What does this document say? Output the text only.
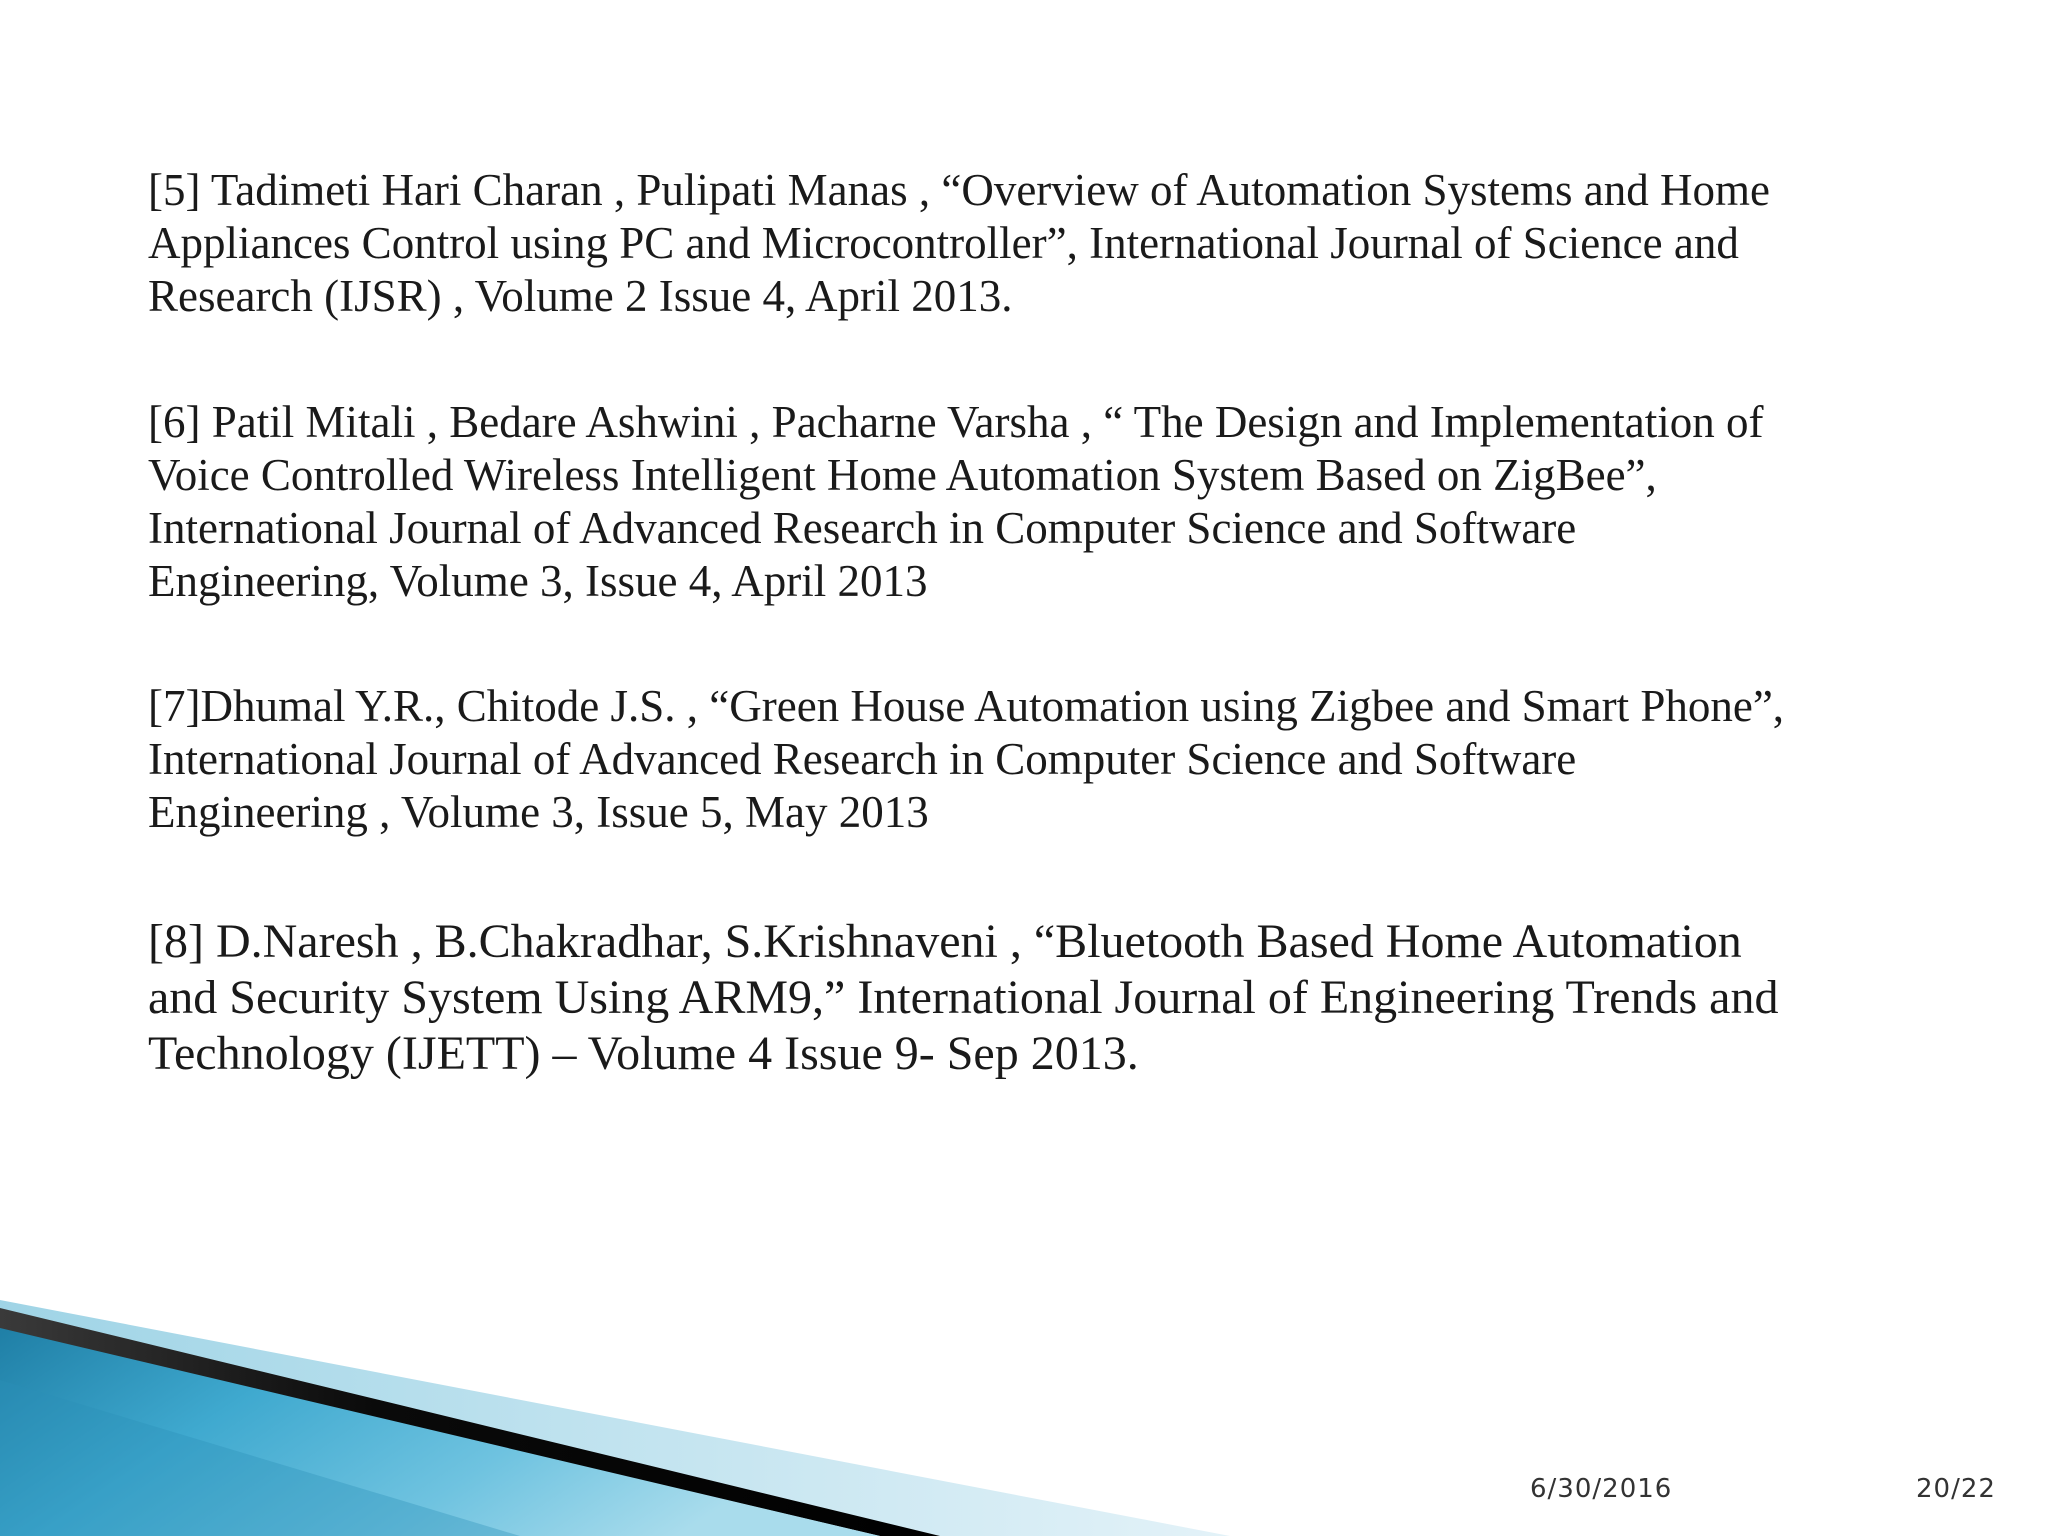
[5] Tadimeti Hari Charan , Pulipati Manas , “Overview of Automation Systems and Home
Appliances Control using PC and Microcontroller”, International Journal of Science and
Research (IJSR) , Volume 2 Issue 4, April 2013.

[6] Patil Mitali , Bedare Ashwini , Pacharne Varsha , “ The Design and Implementation of
Voice Controlled Wireless Intelligent Home Automation System Based on ZigBee”,
International Journal of Advanced Research in Computer Science and Software
Engineering, Volume 3, Issue 4, April 2013

[7]Dhumal Y.R., Chitode J.S. , “Green House Automation using Zigbee and Smart Phone”,
International Journal of Advanced Research in Computer Science and Software
Engineering , Volume 3, Issue 5, May 2013

[8] D.Naresh , B.Chakradhar, S.Krishnaveni , “Bluetooth Based Home Automation
and Security System Using ARM9,” International Journal of Engineering Trends and
Technology (IJETT) – Volume 4 Issue 9- Sep 2013.

6/30/2016	20/22
